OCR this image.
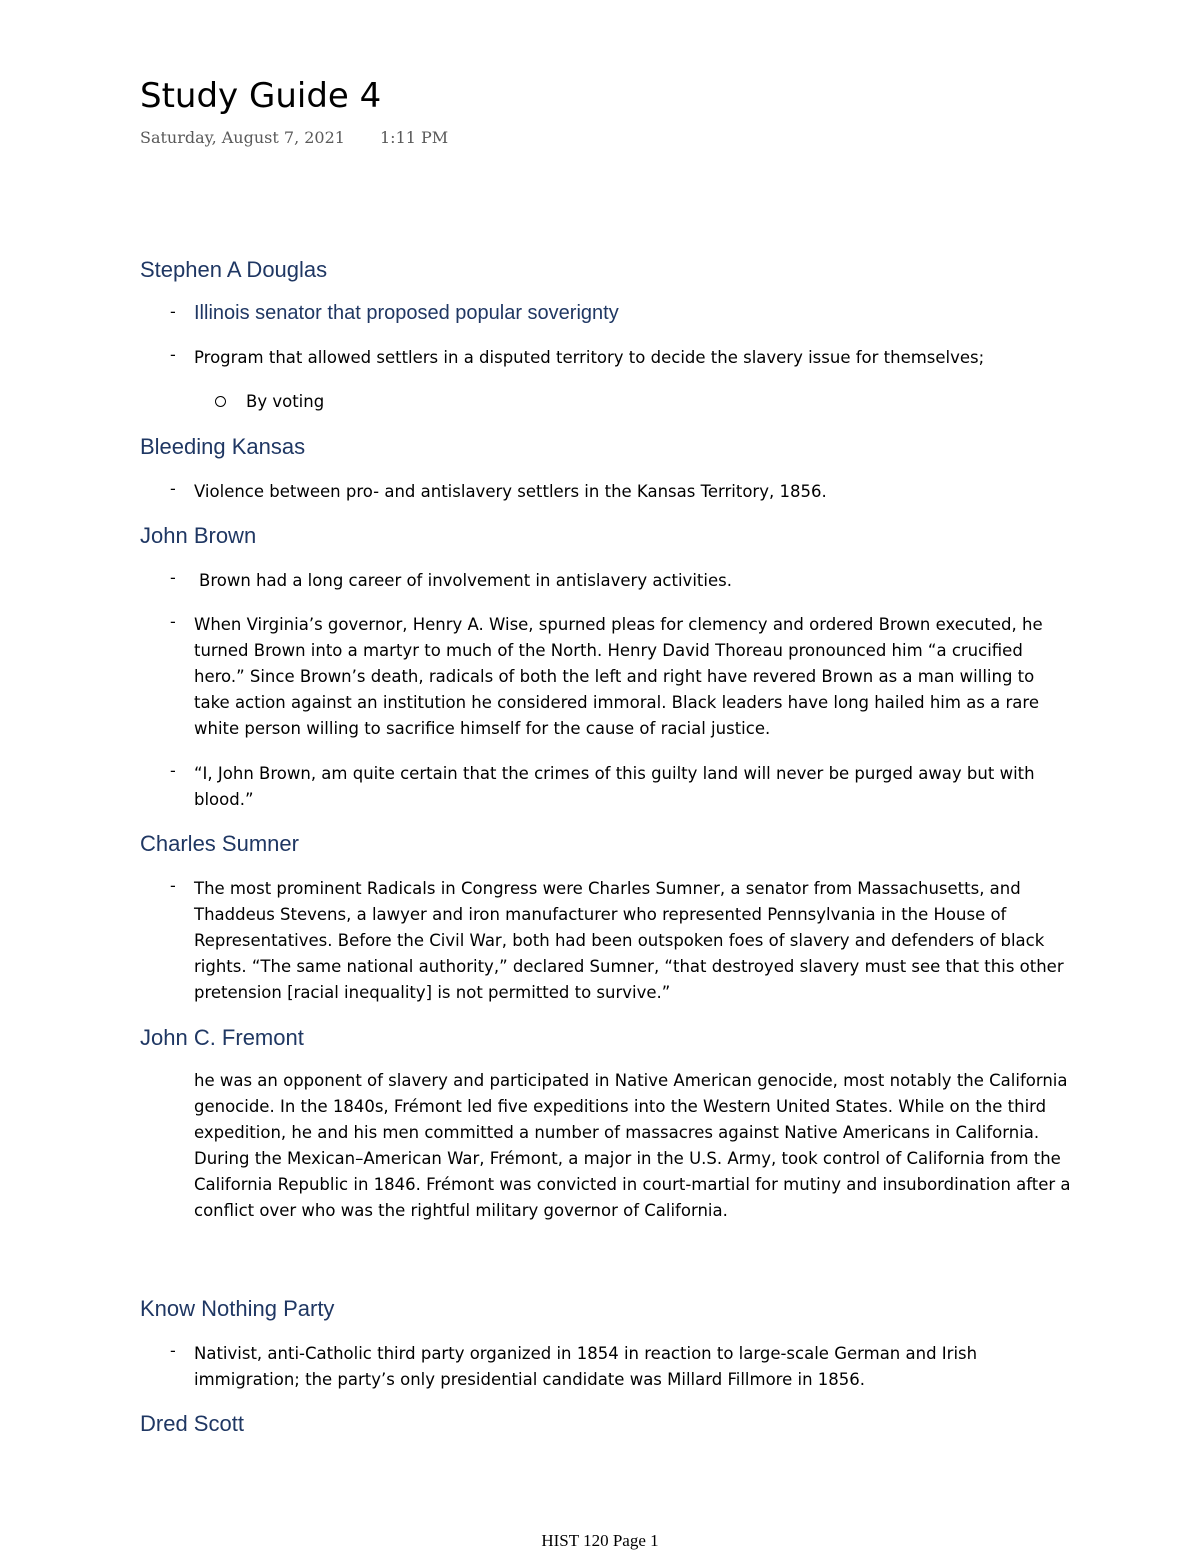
Study Guide 4
Saturday, August 7, 2021 1:11 PM
Stephen A Douglas
- Illinois senator that proposed popular soverignty
- Program that allowed settlers in a disputed territory to decide the slavery issue for themselves;
By voting
Bleeding Kansas
- Violence between pro- and antislavery settlers in the Kansas Territory, 1856.
John Brown
- Brown had a long career of involvement in antislavery activities.
- When Virginia’s governor, Henry A. Wise, spurned pleas for clemency and ordered Brown executed, he turned Brown into a martyr to much of the North. Henry David Thoreau pronounced him “a crucified hero.” Since Brown’s death, radicals of both the left and right have revered Brown as a man willing to take action against an institution he considered immoral. Black leaders have long hailed him as a rare white person willing to sacrifice himself for the cause of racial justice.
- “I, John Brown, am quite certain that the crimes of this guilty land will never be purged away but with blood.”
Charles Sumner
- The most prominent Radicals in Congress were Charles Sumner, a senator from Massachusetts, and Thaddeus Stevens, a lawyer and iron manufacturer who represented Pennsylvania in the House of Representatives. Before the Civil War, both had been outspoken foes of slavery and defenders of black rights. “The same national authority,” declared Sumner, “that destroyed slavery must see that this other pretension [racial inequality] is not permitted to survive.”
John C. Fremont
he was an opponent of slavery and participated in Native American genocide, most notably the California genocide. In the 1840s, Frémont led five expeditions into the Western United States. While on the third expedition, he and his men committed a number of massacres against Native Americans in California. During the Mexican–American War, Frémont, a major in the U.S. Army, took control of California from the California Republic in 1846. Frémont was convicted in court-martial for mutiny and insubordination after a conflict over who was the rightful military governor of California.
Know Nothing Party
- Nativist, anti-Catholic third party organized in 1854 in reaction to large-scale German and Irish immigration; the party’s only presidential candidate was Millard Fillmore in 1856.
Dred Scott
HIST 120 Page 1
